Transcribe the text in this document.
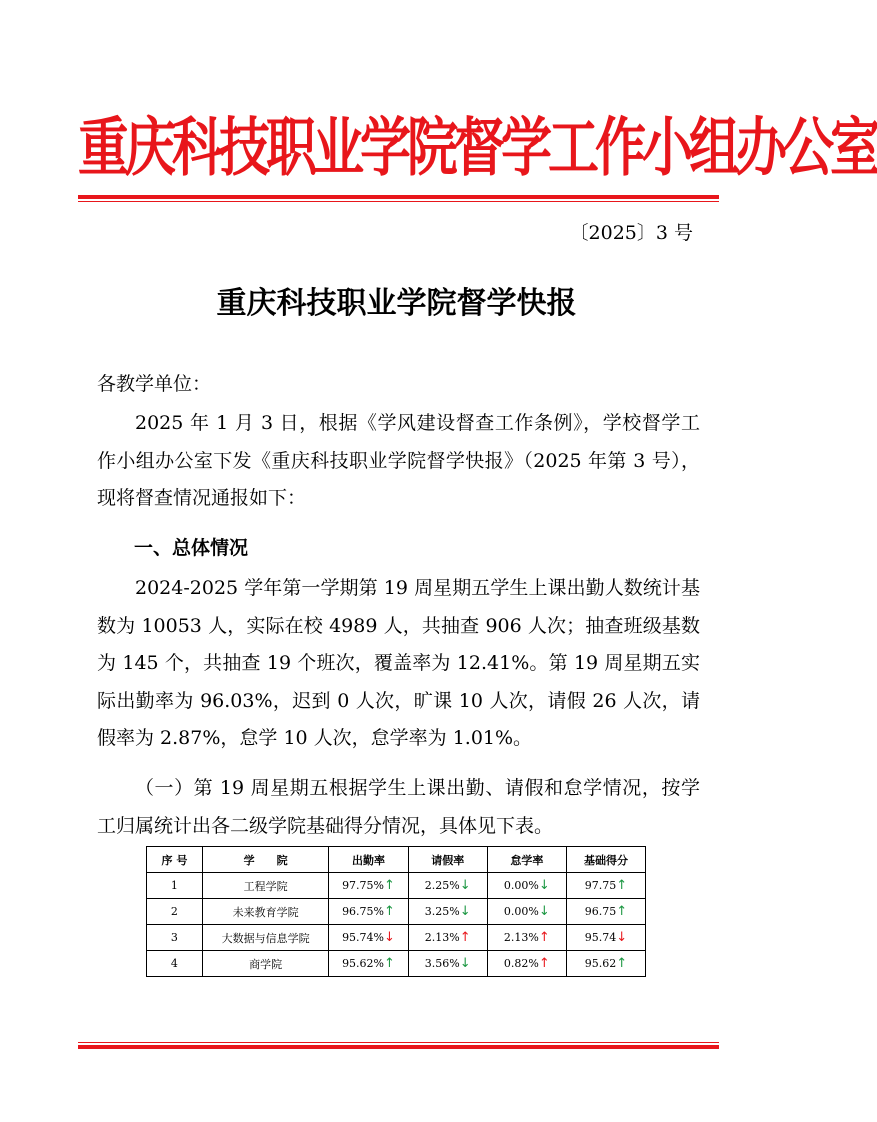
重庆科技职业学院督学工作小组办公室
〔2025〕3 号
重庆科技职业学院督学快报
各教学单位：
2025 年 1 月 3 日，根据《学风建设督查工作条例》，学校督学工作小组办公室下发《重庆科技职业学院督学快报》（2025 年第 3 号），现将督查情况通报如下：
一、总体情况
2024-2025 学年第一学期第 19 周星期五学生上课出勤人数统计基数为 10053 人，实际在校 4989 人，共抽查 906 人次；抽查班级基数为 145 个，共抽查 19 个班次，覆盖率为 12.41%。第 19 周星期五实际出勤率为 96.03%，迟到 0 人次，旷课 10 人次，请假 26 人次，请假率为 2.87%，怠学 10 人次，怠学率为 1.01%。
（一）第 19 周星期五根据学生上课出勤、请假和怠学情况，按学工归属统计出各二级学院基础得分情况，具体见下表。
序 号	学　　院	出勤率	请假率	怠学率	基础得分
1	工程学院	97.75%↑	2.25%↓	0.00%↓	97.75↑
2	未来教育学院	96.75%↑	3.25%↓	0.00%↓	96.75↑
3	大数据与信息学院	95.74%↓	2.13%↑	2.13%↑	95.74↓
4	商学院	95.62%↑	3.56%↓	0.82%↑	95.62↑
